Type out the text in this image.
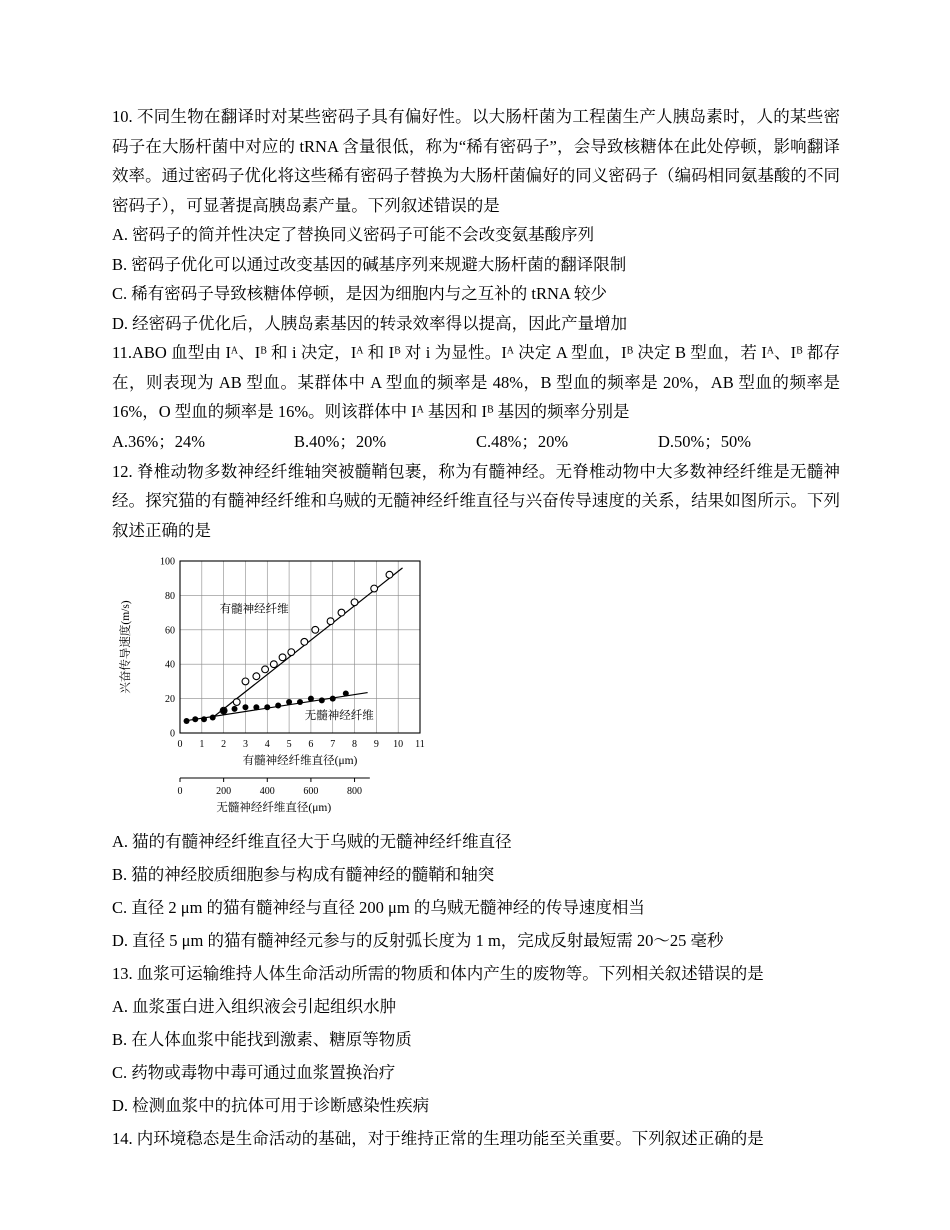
10. 不同生物在翻译时对某些密码子具有偏好性。以大肠杆菌为工程菌生产人胰岛素时，人的某些密码子在大肠杆菌中对应的 tRNA 含量很低，称为“稀有密码子”，会导致核糖体在此处停顿，影响翻译效率。通过密码子优化将这些稀有密码子替换为大肠杆菌偏好的同义密码子（编码相同氨基酸的不同密码子），可显著提高胰岛素产量。下列叙述错误的是

A. 密码子的简并性决定了替换同义密码子可能不会改变氨基酸序列

B. 密码子优化可以通过改变基因的碱基序列来规避大肠杆菌的翻译限制

C. 稀有密码子导致核糖体停顿，是因为细胞内与之互补的 tRNA 较少

D. 经密码子优化后，人胰岛素基因的转录效率得以提高，因此产量增加

11.ABO 血型由 Iᴬ、Iᴮ 和 i 决定，Iᴬ 和 Iᴮ 对 i 为显性。Iᴬ 决定 A 型血，Iᴮ 决定 B 型血，若 Iᴬ、Iᴮ 都存在，则表现为 AB 型血。某群体中 A 型血的频率是 48%，B 型血的频率是 20%，AB 型血的频率是 16%，O 型血的频率是 16%。则该群体中 Iᴬ 基因和 Iᴮ 基因的频率分别是

A.36%；24%	B.40%；20%	C.48%；20%	D.50%；50%

12. 脊椎动物多数神经纤维轴突被髓鞘包裹，称为有髓神经。无脊椎动物中大多数神经纤维是无髓神经。探究猫的有髓神经纤维和乌贼的无髓神经纤维直径与兴奋传导速度的关系，结果如图所示。下列叙述正确的是

0
20
40
60
80
100
0 1 2 3 4 5 6 7 8 9 10 11
有髓神经纤维直径(μm)
0	200	400	600	800
无髓神经纤维直径(μm)
兴奋传导速度(m/s)	有髓神经纤维
无髓神经纤维

A. 猫的有髓神经纤维直径大于乌贼的无髓神经纤维直径

B. 猫的神经胶质细胞参与构成有髓神经的髓鞘和轴突

C. 直径 2 μm 的猫有髓神经与直径 200 μm 的乌贼无髓神经的传导速度相当

D. 直径 5 μm 的猫有髓神经元参与的反射弧长度为 1 m，完成反射最短需 20～25 毫秒

13. 血浆可运输维持人体生命活动所需的物质和体内产生的废物等。下列相关叙述错误的是

A. 血浆蛋白进入组织液会引起组织水肿

B. 在人体血浆中能找到激素、糖原等物质

C. 药物或毒物中毒可通过血浆置换治疗

D. 检测血浆中的抗体可用于诊断感染性疾病

14. 内环境稳态是生命活动的基础，对于维持正常的生理功能至关重要。下列叙述正确的是
